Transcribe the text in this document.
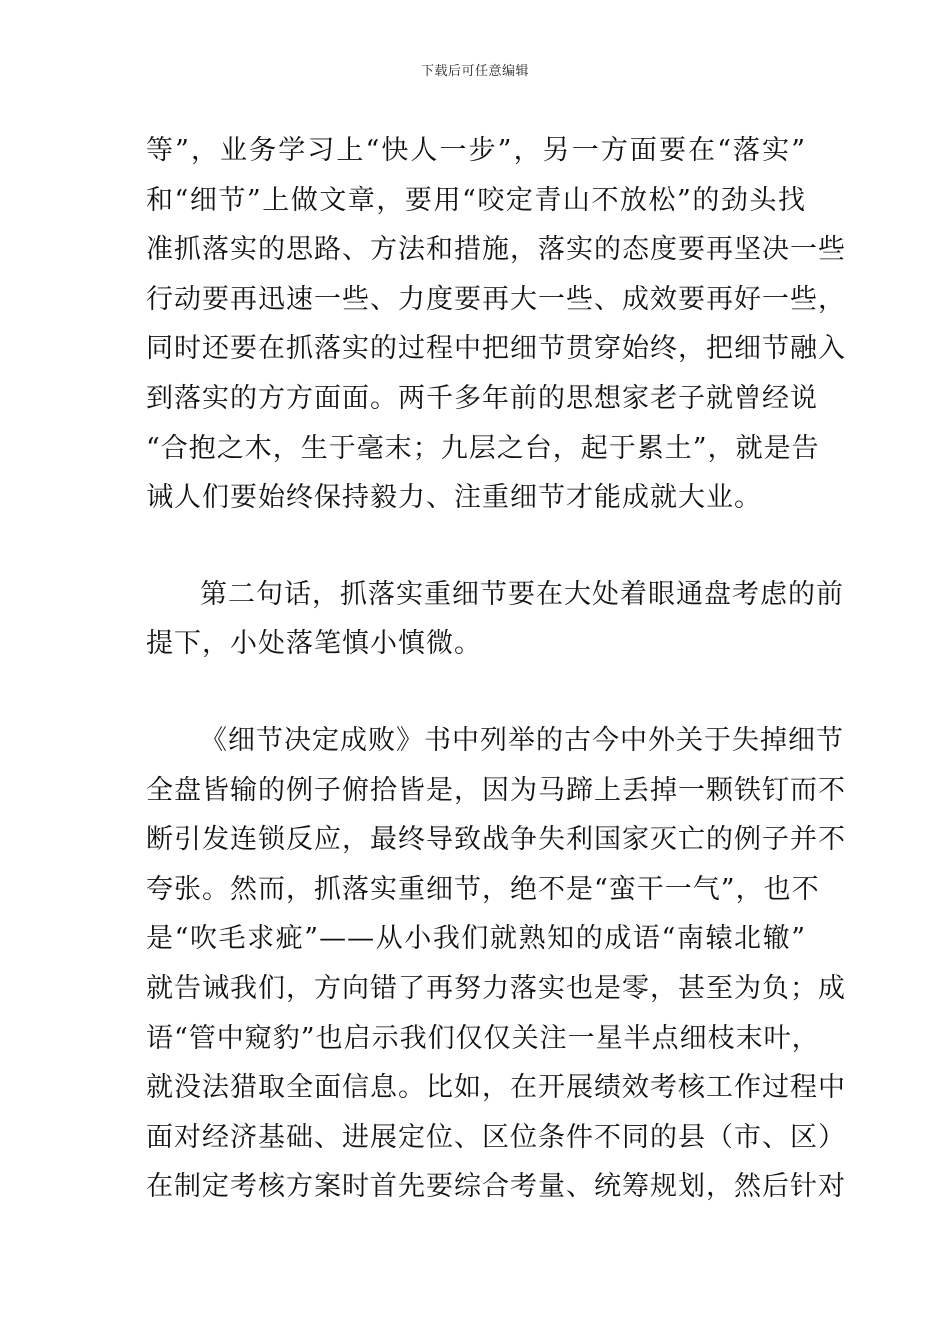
下载后可任意编辑
等”，业务学习上“快人一步”，另一方面要在“落实”
和“细节”上做文章，要用“咬定青山不放松”的劲头找
准抓落实的思路、方法和措施，落实的态度要再坚决一些
行动要再迅速一些、力度要再大一些、成效要再好一些，
同时还要在抓落实的过程中把细节贯穿始终，把细节融入
到落实的方方面面。两千多年前的思想家老子就曾经说
“合抱之木，生于毫末；九层之台，起于累土”，就是告
诫人们要始终保持毅力、注重细节才能成就大业。
第二句话，抓落实重细节要在大处着眼通盘考虑的前
提下，小处落笔慎小慎微。
《细节决定成败》书中列举的古今中外关于失掉细节
全盘皆输的例子俯拾皆是，因为马蹄上丢掉一颗铁钉而不
断引发连锁反应，最终导致战争失利国家灭亡的例子并不
夸张。然而，抓落实重细节，绝不是“蛮干一气”，也不
是“吹毛求疵”——从小我们就熟知的成语“南辕北辙”
就告诫我们，方向错了再努力落实也是零，甚至为负；成
语“管中窥豹”也启示我们仅仅关注一星半点细枝末叶，
就没法猎取全面信息。比如，在开展绩效考核工作过程中
面对经济基础、进展定位、区位条件不同的县（市、区）
在制定考核方案时首先要综合考量、统筹规划，然后针对
